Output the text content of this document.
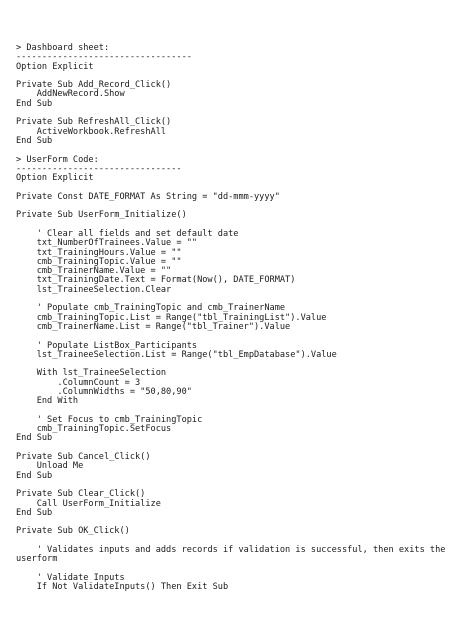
> Dashboard sheet:
----------------------------------
Option Explicit
Private Sub Add_Record_Click()
AddNewRecord.Show
End Sub
Private Sub RefreshAll_Click()
ActiveWorkbook.RefreshAll
End Sub
> UserForm Code:
--------------------------------
Option Explicit
Private Const DATE_FORMAT As String = "dd-mmm-yyyy"
Private Sub UserForm_Initialize()
' Clear all fields and set default date
txt_NumberOfTrainees.Value = ""
txt_TrainingHours.Value = ""
cmb_TrainingTopic.Value = ""
cmb_TrainerName.Value = ""
txt_TrainingDate.Text = Format(Now(), DATE_FORMAT)
lst_TraineeSelection.Clear
' Populate cmb_TrainingTopic and cmb_TrainerName
cmb_TrainingTopic.List = Range("tbl_TrainingList").Value
cmb_TrainerName.List = Range("tbl_Trainer").Value
' Populate ListBox_Participants
lst_TraineeSelection.List = Range("tbl_EmpDatabase").Value
With lst_TraineeSelection
.ColumnCount = 3
.ColumnWidths = "50,80,90"
End With
' Set Focus to cmb_TrainingTopic
cmb_TrainingTopic.SetFocus
End Sub
Private Sub Cancel_Click()
Unload Me
End Sub
Private Sub Clear_Click()
Call UserForm_Initialize
End Sub
Private Sub OK_Click()
' Validates inputs and adds records if validation is successful, then exits the userform
' Validate Inputs
If Not ValidateInputs() Then Exit Sub
